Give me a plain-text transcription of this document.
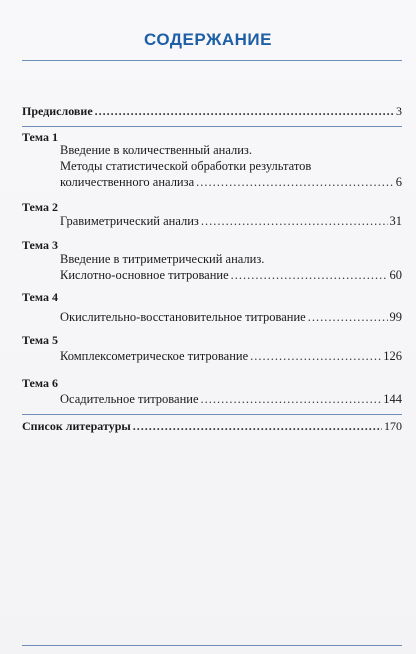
СОДЕРЖАНИЕ
Предисловие .....	3
Тема 1
Введение в количественный анализ.
Методы статистической обработки результатов
количественного анализа .....	6
Тема 2
Гравиметрический анализ .....	31
Тема 3
Введение в титриметрический анализ.
Кислотно-основное титрование .....	60
Тема 4
Окислительно-восстановительное титрование .....	99
Тема 5
Комплексометрическое титрование .....	126
Тема 6
Осадительное титрование .....	144
Список литературы .....	170
